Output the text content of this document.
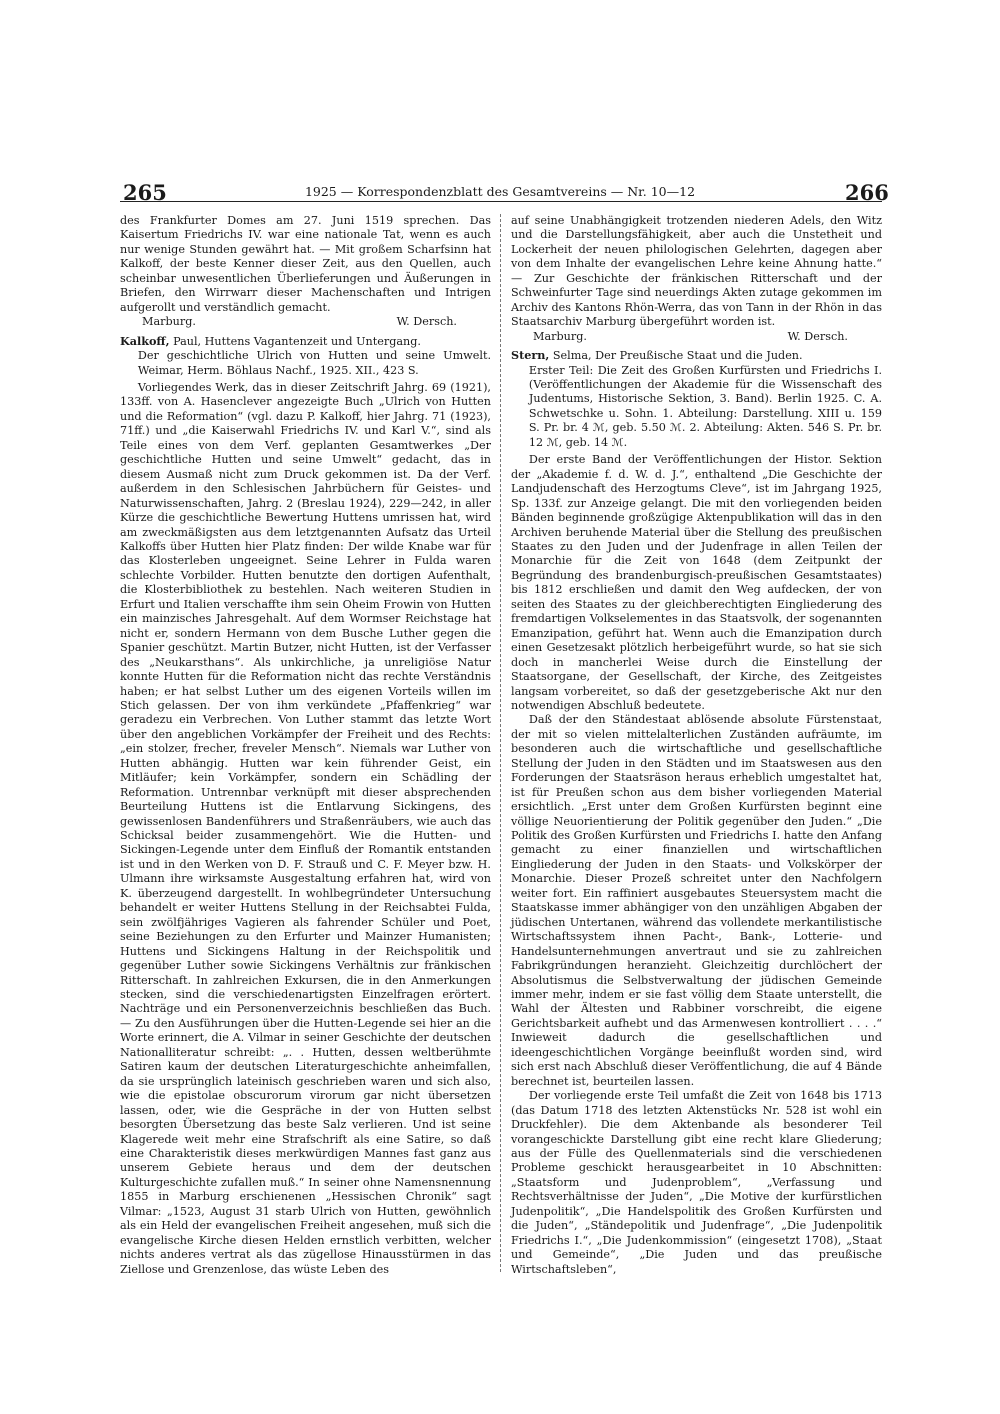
265	1925 — Korrespondenzblatt des Gesamtvereins — Nr. 10—12	266

des Frankfurter Domes am 27. Juni 1519 sprechen. Das Kaisertum Friedrichs IV. war eine nationale Tat, wenn es auch nur wenige Stunden gewährt hat. — Mit großem Scharfsinn hat Kalkoff, der beste Kenner dieser Zeit, aus den Quellen, auch scheinbar unwesentlichen Überlieferungen und Äußerungen in Briefen, den Wirrwarr dieser Machenschaften und Intrigen aufgerollt und verständlich gemacht.

Marburg.	W. Dersch.

Kalkoff, Paul, Huttens Vagantenzeit und Untergang.

Der geschichtliche Ulrich von Hutten und seine Umwelt. Weimar, Herm. Böhlaus Nachf., 1925. XII., 423 S.

Vorliegendes Werk, das in dieser Zeitschrift Jahrg. 69 (1921), 133ff. von A. Hasenclever angezeigte Buch „Ulrich von Hutten und die Reformation“ (vgl. dazu P. Kalkoff, hier Jahrg. 71 (1923), 71ff.) und „die Kaiserwahl Friedrichs IV. und Karl V.“, sind als Teile eines von dem Verf. geplanten Gesamtwerkes „Der geschichtliche Hutten und seine Umwelt“ gedacht, das in diesem Ausmaß nicht zum Druck gekommen ist. Da der Verf. außerdem in den Schlesischen Jahrbüchern für Geistes- und Naturwissenschaften, Jahrg. 2 (Breslau 1924), 229—242, in aller Kürze die geschichtliche Bewertung Huttens umrissen hat, wird am zweckmäßigsten aus dem letztgenannten Aufsatz das Urteil Kalkoffs über Hutten hier Platz finden: Der wilde Knabe war für das Klosterleben ungeeignet. Seine Lehrer in Fulda waren schlechte Vorbilder. Hutten benutzte den dortigen Aufenthalt, die Klosterbibliothek zu bestehlen. Nach weiteren Studien in Erfurt und Italien verschaffte ihm sein Oheim Frowin von Hutten ein mainzisches Jahresgehalt. Auf dem Wormser Reichstage hat nicht er, sondern Hermann von dem Busche Luther gegen die Spanier geschützt. Martin Butzer, nicht Hutten, ist der Verfasser des „Neukarsthans“. Als unkirchliche, ja unreligiöse Natur konnte Hutten für die Reformation nicht das rechte Verständnis haben; er hat selbst Luther um des eigenen Vorteils willen im Stich gelassen. Der von ihm verkündete „Pfaffenkrieg“ war geradezu ein Verbrechen. Von Luther stammt das letzte Wort über den angeblichen Vorkämpfer der Freiheit und des Rechts: „ein stolzer, frecher, freveler Mensch“. Niemals war Luther von Hutten abhängig. Hutten war kein führender Geist, ein Mitläufer; kein Vorkämpfer, sondern ein Schädling der Reformation. Untrennbar verknüpft mit dieser absprechenden Beurteilung Huttens ist die Entlarvung Sickingens, des gewissenlosen Bandenführers und Straßenräubers, wie auch das Schicksal beider zusammengehört. Wie die Hutten- und Sickingen-Legende unter dem Einfluß der Romantik entstanden ist und in den Werken von D. F. Strauß und C. F. Meyer bzw. H. Ulmann ihre wirksamste Ausgestaltung erfahren hat, wird von K. überzeugend dargestellt. In wohlbegründeter Untersuchung behandelt er weiter Huttens Stellung in der Reichsabtei Fulda, sein zwölfjähriges Vagieren als fahrender Schüler und Poet, seine Beziehungen zu den Erfurter und Mainzer Humanisten; Huttens und Sickingens Haltung in der Reichspolitik und gegenüber Luther sowie Sickingens Verhältnis zur fränkischen Ritterschaft. In zahlreichen Exkursen, die in den Anmerkungen stecken, sind die verschiedenartigsten Einzelfragen erörtert. Nachträge und ein Personenverzeichnis beschließen das Buch. — Zu den Ausführungen über die Hutten-Legende sei hier an die Worte erinnert, die A. Vilmar in seiner Geschichte der deutschen Nationalliteratur schreibt: „. . Hutten, dessen weltberühmte Satiren kaum der deutschen Literaturgeschichte anheimfallen, da sie ursprünglich lateinisch geschrieben waren und sich also, wie die epistolae obscurorum virorum gar nicht übersetzen lassen, oder, wie die Gespräche in der von Hutten selbst besorgten Übersetzung das beste Salz verlieren. Und ist seine Klagerede weit mehr eine Strafschrift als eine Satire, so daß eine Charakteristik dieses merkwürdigen Mannes fast ganz aus unserem Gebiete heraus und dem der deutschen Kulturgeschichte zufallen muß.“ In seiner ohne Namensnennung 1855 in Marburg erschienenen „Hessischen Chronik“ sagt Vilmar: „1523, August 31 starb Ulrich von Hutten, gewöhnlich als ein Held der evangelischen Freiheit angesehen, muß sich die evangelische Kirche diesen Helden ernstlich verbitten, welcher nichts anderes vertrat als das zügellose Hinausstürmen in das Ziellose und Grenzenlose, das wüste Leben des

auf seine Unabhängigkeit trotzenden niederen Adels, den Witz und die Darstellungsfähigkeit, aber auch die Unstetheit und Lockerheit der neuen philologischen Gelehrten, dagegen aber von dem Inhalte der evangelischen Lehre keine Ahnung hatte.“ — Zur Geschichte der fränkischen Ritterschaft und der Schweinfurter Tage sind neuerdings Akten zutage gekommen im Archiv des Kantons Rhön-Werra, das von Tann in der Rhön in das Staatsarchiv Marburg übergeführt worden ist.

Marburg.	W. Dersch.

Stern, Selma, Der Preußische Staat und die Juden.

Erster Teil: Die Zeit des Großen Kurfürsten und Friedrichs I. (Veröffentlichungen der Akademie für die Wissenschaft des Judentums, Historische Sektion, 3. Band). Berlin 1925. C. A. Schwetschke u. Sohn. 1. Abteilung: Darstellung. XIII u. 159 S. Pr. br. 4 ℳ, geb. 5.50 ℳ. 2. Abteilung: Akten. 546 S. Pr. br. 12 ℳ, geb. 14 ℳ.

Der erste Band der Veröffentlichungen der Histor. Sektion der „Akademie f. d. W. d. J.“, enthaltend „Die Geschichte der Landjudenschaft des Herzogtums Cleve“, ist im Jahrgang 1925, Sp. 133f. zur Anzeige gelangt. Die mit den vorliegenden beiden Bänden beginnende großzügige Aktenpublikation will das in den Archiven beruhende Material über die Stellung des preußischen Staates zu den Juden und der Judenfrage in allen Teilen der Monarchie für die Zeit von 1648 (dem Zeitpunkt der Begründung des brandenburgisch-preußischen Gesamtstaates) bis 1812 erschließen und damit den Weg aufdecken, der von seiten des Staates zu der gleichberechtigten Eingliederung des fremdartigen Volkselementes in das Staatsvolk, der sogenannten Emanzipation, geführt hat. Wenn auch die Emanzipation durch einen Gesetzesakt plötzlich herbeigeführt wurde, so hat sie sich doch in mancherlei Weise durch die Einstellung der Staatsorgane, der Gesellschaft, der Kirche, des Zeitgeistes langsam vorbereitet, so daß der gesetzgeberische Akt nur den notwendigen Abschluß bedeutete.

Daß der den Ständestaat ablösende absolute Fürstenstaat, der mit so vielen mittelalterlichen Zuständen aufräumte, im besonderen auch die wirtschaftliche und gesellschaftliche Stellung der Juden in den Städten und im Staatswesen aus den Forderungen der Staatsräson heraus erheblich umgestaltet hat, ist für Preußen schon aus dem bisher vorliegenden Material ersichtlich. „Erst unter dem Großen Kurfürsten beginnt eine völlige Neuorientierung der Politik gegenüber den Juden.“ „Die Politik des Großen Kurfürsten und Friedrichs I. hatte den Anfang gemacht zu einer finanziellen und wirtschaftlichen Eingliederung der Juden in den Staats- und Volkskörper der Monarchie. Dieser Prozeß schreitet unter den Nachfolgern weiter fort. Ein raffiniert ausgebautes Steuersystem macht die Staatskasse immer abhängiger von den unzähligen Abgaben der jüdischen Untertanen, während das vollendete merkantilistische Wirtschaftssystem ihnen Pacht-, Bank-, Lotterie- und Handelsunternehmungen anvertraut und sie zu zahlreichen Fabrikgründungen heranzieht. Gleichzeitig durchlöchert der Absolutismus die Selbstverwaltung der jüdischen Gemeinde immer mehr, indem er sie fast völlig dem Staate unterstellt, die Wahl der Ältesten und Rabbiner vorschreibt, die eigene Gerichtsbarkeit aufhebt und das Armenwesen kontrolliert . . . .“ Inwieweit dadurch die gesellschaftlichen und ideengeschichtlichen Vorgänge beeinflußt worden sind, wird sich erst nach Abschluß dieser Veröffentlichung, die auf 4 Bände berechnet ist, beurteilen lassen.

Der vorliegende erste Teil umfaßt die Zeit von 1648 bis 1713 (das Datum 1718 des letzten Aktenstücks Nr. 528 ist wohl ein Druckfehler). Die dem Aktenbande als besonderer Teil vorangeschickte Darstellung gibt eine recht klare Gliederung; aus der Fülle des Quellenmaterials sind die verschiedenen Probleme geschickt herausgearbeitet in 10 Abschnitten: „Staatsform und Judenproblem“, „Verfassung und Rechtsverhältnisse der Juden“, „Die Motive der kurfürstlichen Judenpolitik“, „Die Handelspolitik des Großen Kurfürsten und die Juden“, „Ständepolitik und Judenfrage“, „Die Judenpolitik Friedrichs I.“, „Die Judenkommission“ (eingesetzt 1708), „Staat und Gemeinde“, „Die Juden und das preußische Wirtschaftsleben“,
